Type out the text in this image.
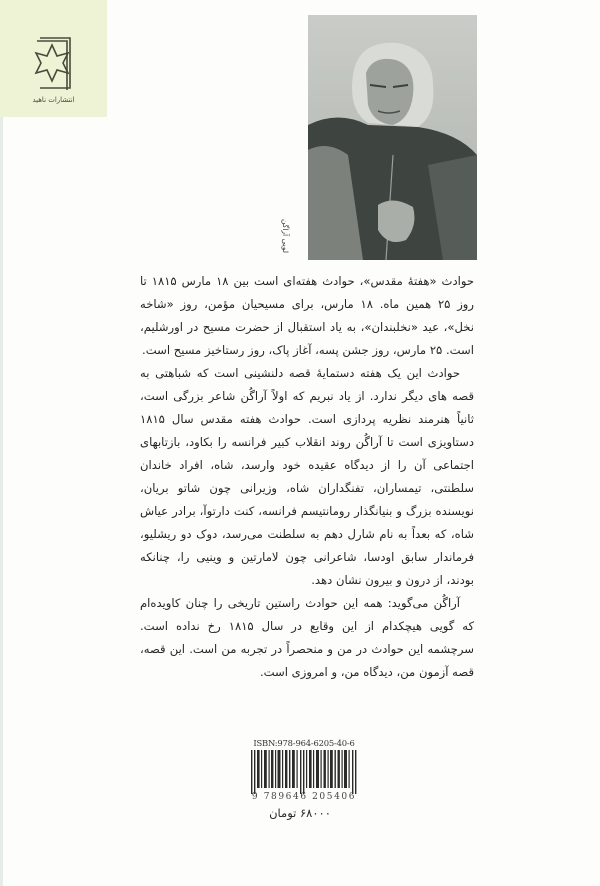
انتشارات ناهید
لویی آراگن

حوادث «هفتهٔ مقدس»، حوادث هفته‌ای است بین ۱۸ مارس ۱۸۱۵ تا روز ۲۵ همین ماه. ۱۸ مارس، برای مسیحیان مؤمن، روز «شاخه نخل»، عید «نخلبندان»، به یاد استقبال از حضرت مسیح در اورشلیم، است. ۲۵ مارس، روز جشن پسه، آغاز پاک، روز رستاخیز مسیح است.

حوادث این یک هفته دستمایهٔ قصه دلنشینی است که شباهتی به قصه های دیگر ندارد. از یاد نبریم که اولاً آراگُن شاعر بزرگی است، ثانیاً هنرمند نظریه پردازی است. حوادث هفته مقدس سال ۱۸۱۵ دستاویزی است تا آراگُن روند انقلاب کبیر فرانسه را بکاود، بازتابهای اجتماعی آن را از دیدگاه عقیده خود وارسد، شاه، افراد خاندان سلطنتی، تیمساران، تفنگداران شاه، وزیرانی چون شاتو بریان، نویسنده بزرگ و بنیانگذار رومانتیسم فرانسه، کنت دارتوآ، برادر عیاش شاه، که بعداً به نام شارل دهم به سلطنت می‌رسد، دوک دو ریشلیو، فرماندار سابق اودسا، شاعرانی چون لامارتین و وینیی را، چنانکه بودند، از درون و بیرون نشان دهد.

آراگُن می‌گوید: همه این حوادث راستین تاریخی را چنان کاویده‌ام که گویی هیچکدام از این وقایع در سال ۱۸۱۵ رخ نداده است. سرچشمه این حوادث در من و منحصراً در تجربه من است. این قصه، قصه آزمون من، دیدگاه من، و امروزی است.

ISBN:978-964-6205-40-6
9 789646 205406
۶۸۰۰۰ تومان
